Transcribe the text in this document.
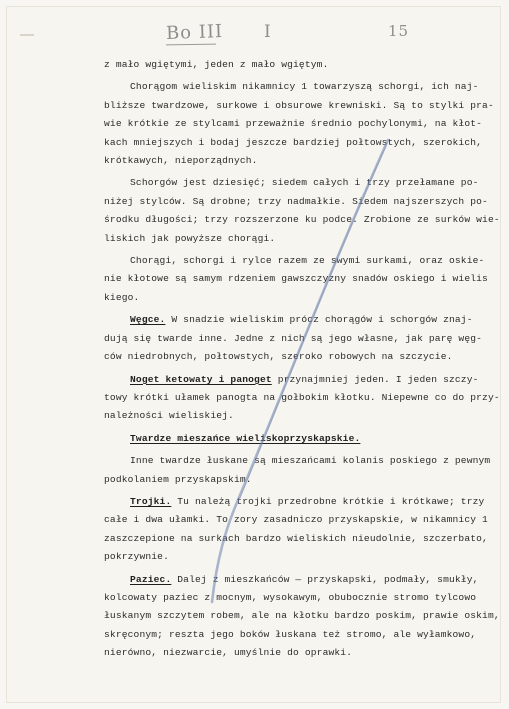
Bo III I	15
z mało wgiętymi, jeden z mało wgiętym.
Chorągom wieliskim nikamnicy 1 towarzyszą schorgi, ich naj-
bliższe twardzowe, surkowe i obsurowe krewniski. Są to stylki pra-
wie krótkie ze stylcami przeważnie średnio pochylonymi, na kłot-
kach mniejszych i bodaj jeszcze bardziej połtowstych, szerokich,
krótkawych, nieporządnych.
Schorgów jest dziesięć; siedem całych i trzy przełamane po-
niżej stylców. Są drobne; trzy nadmałkie. Siedem najszerszych po-
środku długości; trzy rozszerzone ku podce. Zrobione ze surków wie-
liskich jak powyższe chorągi.
Chorągi, schorgi i rylce razem ze swymi surkami, oraz oskie-
nie kłotowe są samym rdzeniem gawszczyzny snadów oskiego i wielis
kiego.
Węgce. W snadzie wieliskim prócz chorągów i schorgów znaj-
dują się twarde inne. Jedne z nich są jego własne, jak parę węg-
ców niedrobnych, połtowstych, szeroko robowych na szczycie.
Noget ketowaty i panoget przynajmniej jeden. I jeden szczy-
towy krótki ułamek panogta na gołbokim kłotku. Niepewne co do przy-
należności wieliskiej.
Twardze mieszańce wieliskoprzyskapskie.
Inne twardze łuskane są mieszańcami kolanis poskiego z pewnym
podkolaniem przyskapskim.
Trojki. Tu należą trojki przedrobne krótkie i krótkawe; trzy
całe i dwa ułamki. To zory zasadniczo przyskapskie, w nikamnicy 1
zaszczepione na surkach bardzo wieliskich nieudolnie, szczerbato,
pokrzywnie.
Paziec. Dalej z mieszkańców — przyskapski, podmały, smukły,
kolcowaty paziec z mocnym, wysokawym, obubocznie stromo tylcowo
łuskanym szczytem robem, ale na kłotku bardzo poskim, prawie oskim,
skręconym; reszta jego boków łuskana też stromo, ale wyłamkowo,
nierówno, niezwarcie, umyślnie do oprawki.
